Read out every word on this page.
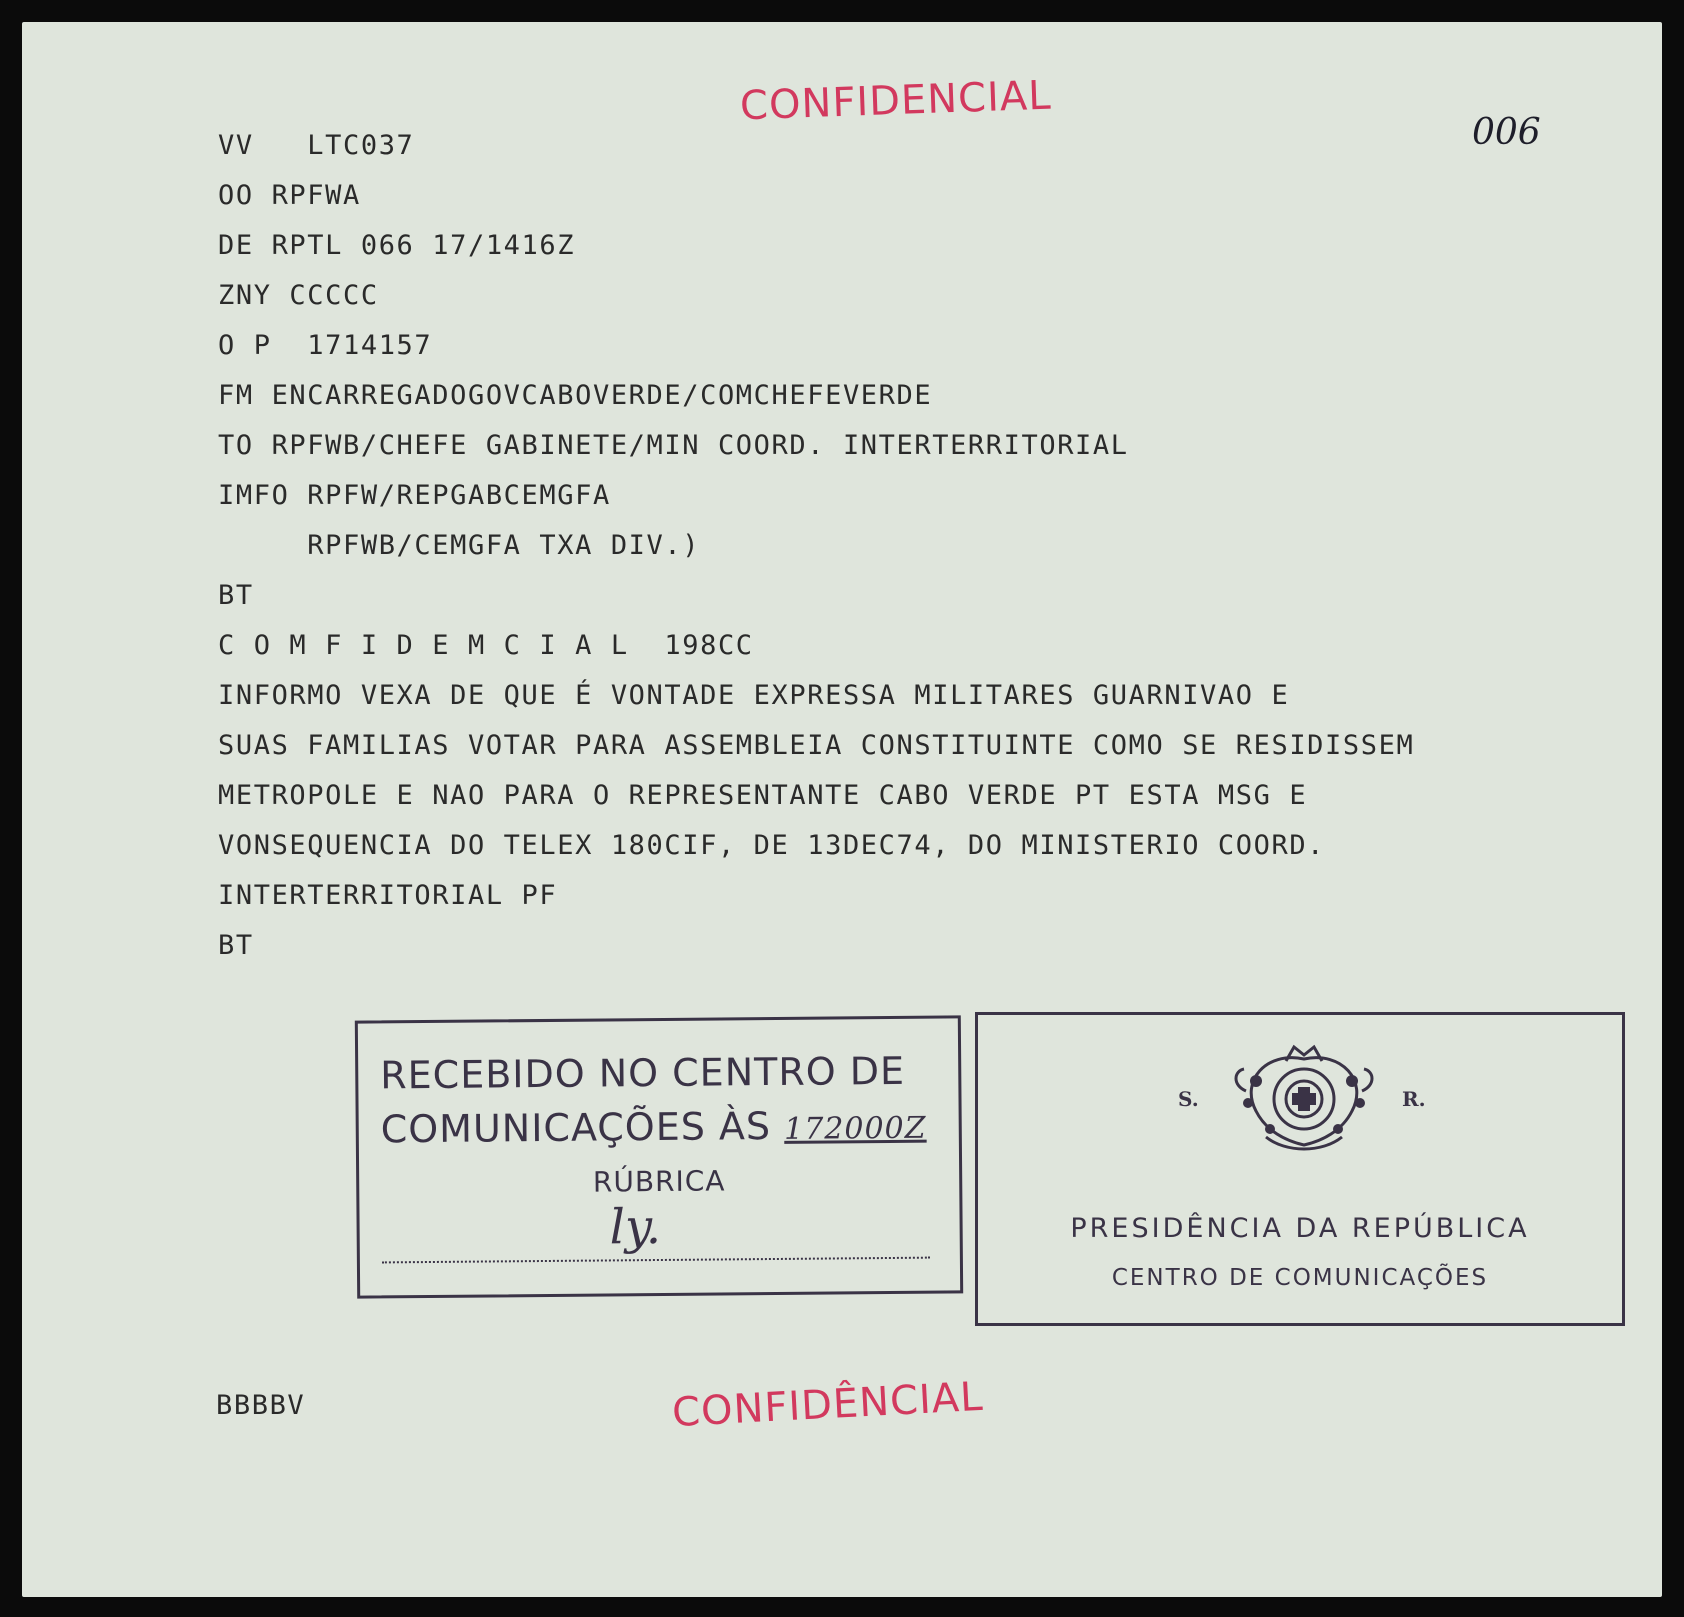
CONFIDENCIAL
006
VV   LTC037
OO RPFWA
DE RPTL 066 17/1416Z
ZNY CCCCC
O P  1714157
FM ENCARREGADOGOVCABOVERDE/COMCHEFEVERDE
TO RPFWB/CHEFE GABINETE/MIN COORD. INTERTERRITORIAL
IMFO RPFW/REPGABCEMGFA
RPFWB/CEMGFA TXA DIV.)
BT
C O M F I D E M C I A L  198CC
INFORMO VEXA DE QUE É VONTADE EXPRESSA MILITARES GUARNIVAO E
SUAS FAMILIAS VOTAR PARA ASSEMBLEIA CONSTITUINTE COMO SE RESIDISSEM
METROPOLE E NAO PARA O REPRESENTANTE CABO VERDE PT ESTA MSG E
VONSEQUENCIA DO TELEX 180CIF, DE 13DEC74, DO MINISTERIO COORD.
INTERTERRITORIAL PF
BT
RECEBIDO NO CENTRO DE
COMUNICAÇÕES ÀS 172000Z
RÚBRICA
ly.
S.	R.
PRESIDÊNCIA DA REPÚBLICA
CENTRO DE COMUNICAÇÕES
BBBBV	CONFIDÊNCIAL
